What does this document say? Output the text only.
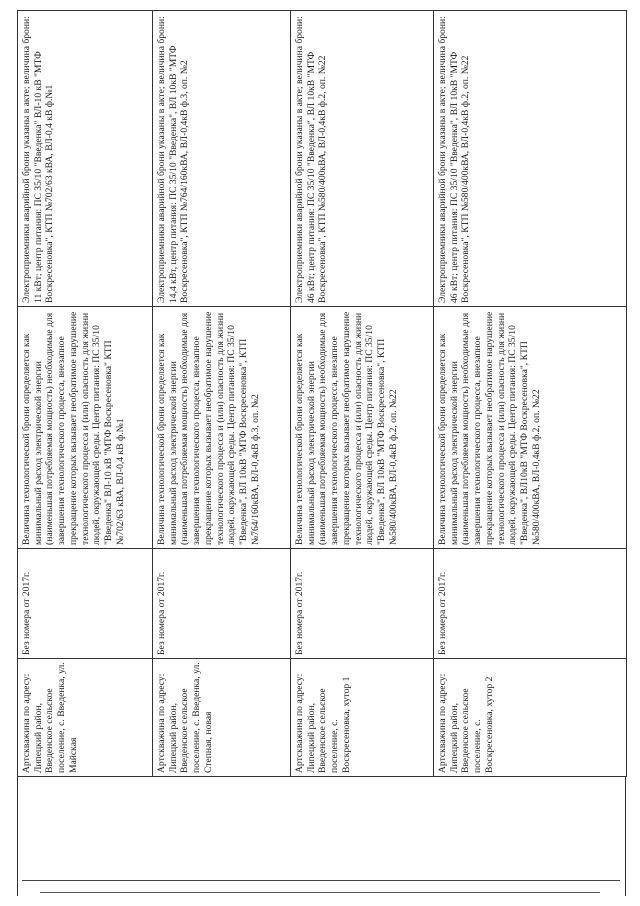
Артскважина по адресу: Липецкий район, Введенское сельское поселение, с. Введенка, ул. Майская
Без номера от 2017г.
Величина технологической брони определяется как минимальный расход электрической энергии (наименьшая потребляемая мощность) необходимые для завершения технологического процесса, внезапное прекращение которых вызывает необратимое нарушение технологического процесса и (или) опасность для жизни людей, окружающей среды. Центр питания: ПС 35/10 "Введенка" ВЛ-10 кВ "МТФ Воскресеновка" КТП №702/63 кВА, ВЛ-0,4 кВ ф.№1
Электроприемники аварийной брони указаны в акте; величина брони: 11 кВт; центр питания: ПС 35/10 "Введенка" ВЛ-10 кВ "МТФ Воскресеновка", КТП №702/63 кВА, ВЛ-0,4 кВ ф.№1
Артскважина по адресу: Липецкий район, Введенское сельское поселение, с. Введенка, ул. Степная, новая
Без номера от 2017г.
Величина технологической брони определяется как минимальный расход электрической энергии (наименьшая потребляемая мощность) необходимые для завершения технологического процесса, внезапное прекращение которых вызывает необратимое нарушение технологического процесса и (или) опасность для жизни людей, окружающей среды. Центр питания: ПС 35/10 "Введенка", ВЛ 10кВ "МТФ Воскресеновка", КТП №764/160кВА, ВЛ-0,4кВ ф.3, оп. №2
Электроприемники аварийной брони указаны в акте; величина брони: 14,4 кВт, центр питания: ПС 35/10 "Введенка", ВЛ 10кВ "МТФ Воскресеновка", КТП №764/160кВА, ВЛ-0,4кВ ф.3, оп. №2
Артскважина по адресу: Липецкий район, Введенское сельское поселение, с. Воскресеновка, хутор 1
Без номера от 2017г.
Величина технологической брони определяется как минимальный расход электрической энергии (наименьшая потребляемая мощность) необходимые для завершения технологического процесса, внезапное прекращение которых вызывает необратимое нарушение технологического процесса и (или) опасность для жизни людей, окружающей среды. Центр питания: ПС 35/10 "Введенка", ВЛ 10кВ "МТФ Воскресеновка", КТП №580/400кВА, ВЛ-0,4кВ ф.2, оп. №22
Электроприемники аварийной брони указаны в акте; величина брони: 46 кВт; центр питания: ПС 35/10 "Введенка", ВЛ 10кВ "МТФ Воскресеновка", КТП №580/400кВА, ВЛ-0,4кВ ф.2, оп. №22
Артскважина по адресу: Липецкий район, Введенское сельское поселение, с. Воскресеновка, хутор 2
Без номера от 2017г.
Величина технологической брони определяется как минимальный расход электрической энергии (наименьшая потребляемая мощность) необходимые для завершения технологического процесса, внезапное прекращение которых вызывает необратимое нарушение технологического процесса и (или) опасность для жизни людей, окружающей среды. Центр питания: ПС 35/10 "Введенка", ВЛ10кВ "МТФ Воскресеновка", КТП №580/400кВА, ВЛ-0,4кВ ф.2, оп. №22
Электроприемники аварийной брони указаны в акте; величина брони: 46 кВт; центр питания: ПС 35/10 "Введенка", ВЛ 10кВ "МТФ Воскресеновка", КТП №580/400кВА, ВЛ-0,4кВ ф.2, оп. №22
